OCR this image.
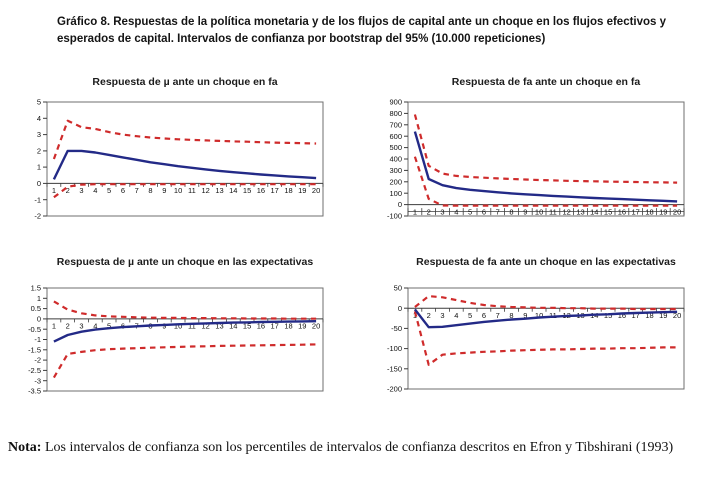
Gráfico 8. Respuestas de la política monetaria y de los flujos de capital ante un choque en los flujos efectivos y esperados de capital. Intervalos de confianza por bootstrap del 95% (10.000 repeticiones)

Respuesta de µ ante un choque en fa
5
4
3
2
1
0
-1
-2
1 2 3 4 5 6 7 8 9 10 11 12 13 14 15 16 17 18 19 20
Respuesta de fa ante un choque en fa
900
800
700
600
500
400
300
200
100
0
-100 1 2 3 4 5 6 7 8 9 10 11 12 13 14 15 16 17 18 19 20
Respuesta de µ ante un choque en las expectativas
1.5
1
0.5
0
-0.5
-1
-1.5
-2
-2.5
-3
-3.5
1 2 3 4 5 6 7 8 9 10 11 12 13 14 15 16 17 18 19 20
Respuesta de fa ante un choque en las expectativas
50
0
-50
-100
-150
-200
1 2 3 4 5 6 7 8 9 10 11 12 13 14 15 16 17 18 19 20

Nota: Los intervalos de confianza son los percentiles de intervalos de confianza descritos en Efron y Tibshirani (1993)
